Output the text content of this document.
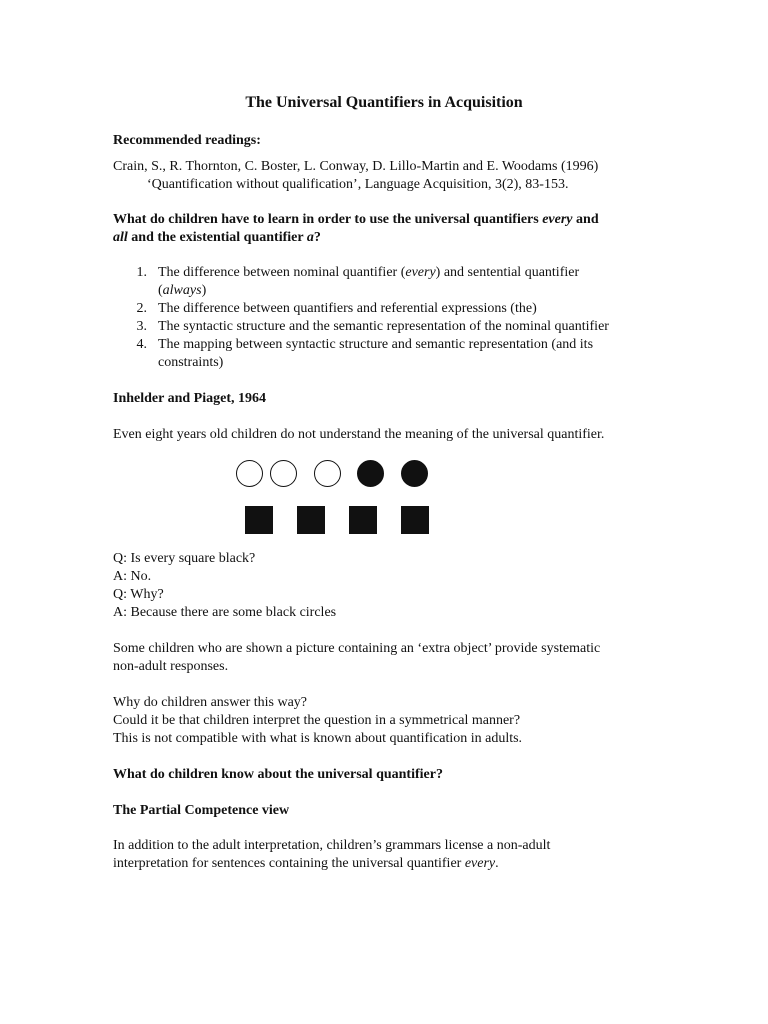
The Universal Quantifiers in Acquisition
Recommended readings:
Crain, S., R. Thornton, C. Boster, L. Conway, D. Lillo-Martin and E. Woodams (1996)
‘Quantification without qualification’, Language Acquisition, 3(2), 83-153.
What do children have to learn in order to use the universal quantifiers every and
all and the existential quantifier a?
1. The difference between nominal quantifier (every) and sentential quantifier
(always)
2. The difference between quantifiers and referential expressions (the)
3. The syntactic structure and the semantic representation of the nominal quantifier
4. The mapping between syntactic structure and semantic representation (and its
constraints)
Inhelder and Piaget, 1964
Even eight years old children do not understand the meaning of the universal quantifier.
Q: Is every square black?
A: No.
Q: Why?
A: Because there are some black circles
Some children who are shown a picture containing an ‘extra object’ provide systematic
non-adult responses.
Why do children answer this way?
Could it be that children interpret the question in a symmetrical manner?
This is not compatible with what is known about quantification in adults.
What do children know about the universal quantifier?
The Partial Competence view
In addition to the adult interpretation, children’s grammars license a non-adult
interpretation for sentences containing the universal quantifier every.
